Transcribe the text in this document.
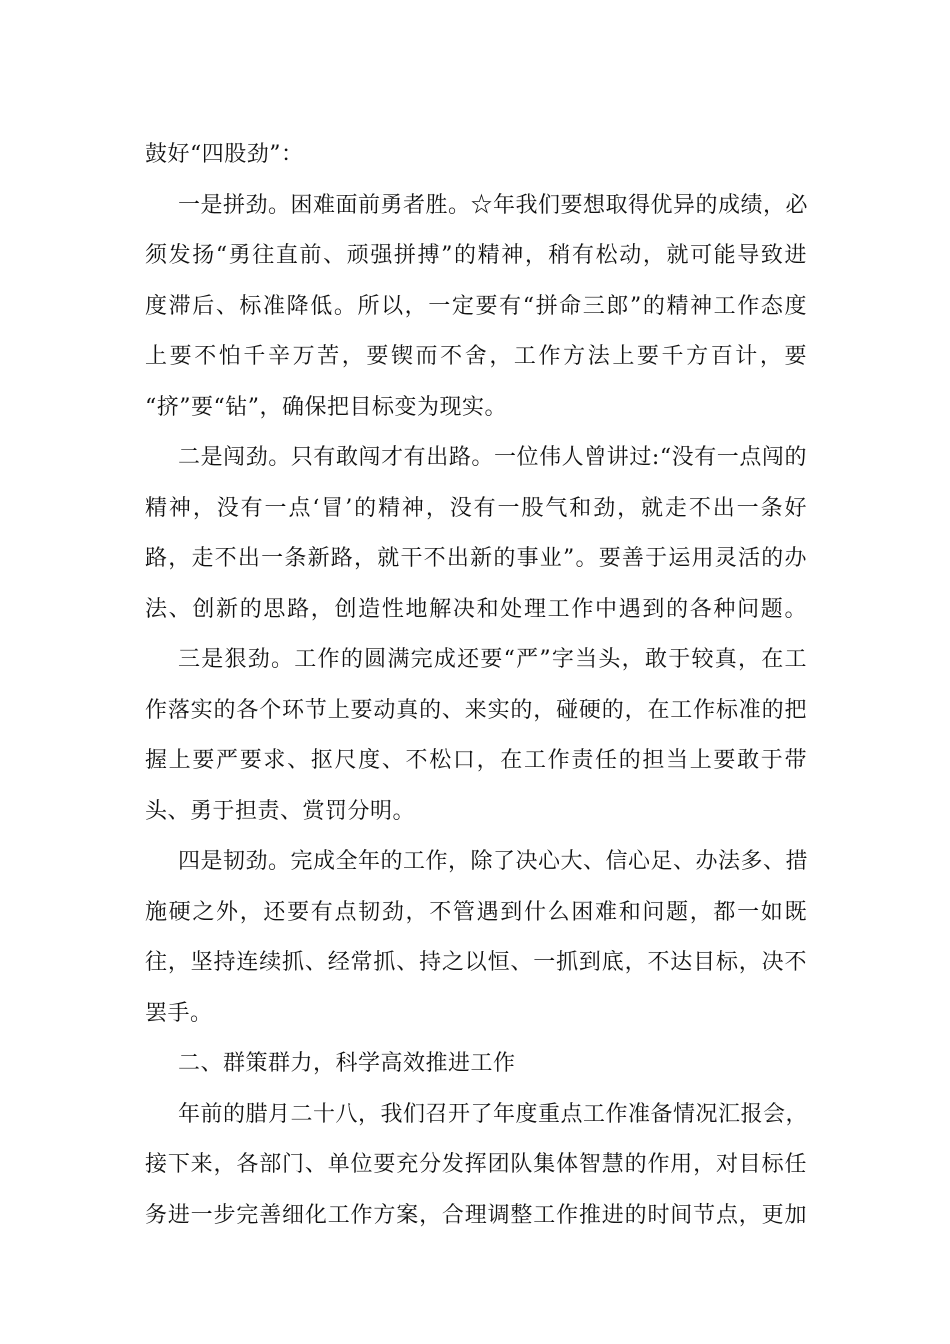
鼓好“四股劲”：
一是拼劲。困难面前勇者胜。☆年我们要想取得优异的成绩，必
须发扬“勇往直前、顽强拼搏”的精神，稍有松动，就可能导致进
度滞后、标准降低。所以，一定要有“拼命三郎”的精神工作态度
上要不怕千辛万苦，要锲而不舍，工作方法上要千方百计，要
“挤”要“钻”，确保把目标变为现实。
二是闯劲。只有敢闯才有出路。一位伟人曾讲过:“没有一点闯的
精神，没有一点‘冒’的精神，没有一股气和劲，就走不出一条好
路，走不出一条新路，就干不出新的事业”。要善于运用灵活的办
法、创新的思路，创造性地解决和处理工作中遇到的各种问题。
三是狠劲。工作的圆满完成还要“严”字当头，敢于较真，在工
作落实的各个环节上要动真的、来实的，碰硬的，在工作标准的把
握上要严要求、抠尺度、不松口，在工作责任的担当上要敢于带
头、勇于担责、赏罚分明。
四是韧劲。完成全年的工作，除了决心大、信心足、办法多、措
施硬之外，还要有点韧劲，不管遇到什么困难和问题，都一如既
往，坚持连续抓、经常抓、持之以恒、一抓到底，不达目标，决不
罢手。
二、群策群力，科学高效推进工作
年前的腊月二十八，我们召开了年度重点工作准备情况汇报会，
接下来，各部门、单位要充分发挥团队集体智慧的作用，对目标任
务进一步完善细化工作方案，合理调整工作推进的时间节点，更加
